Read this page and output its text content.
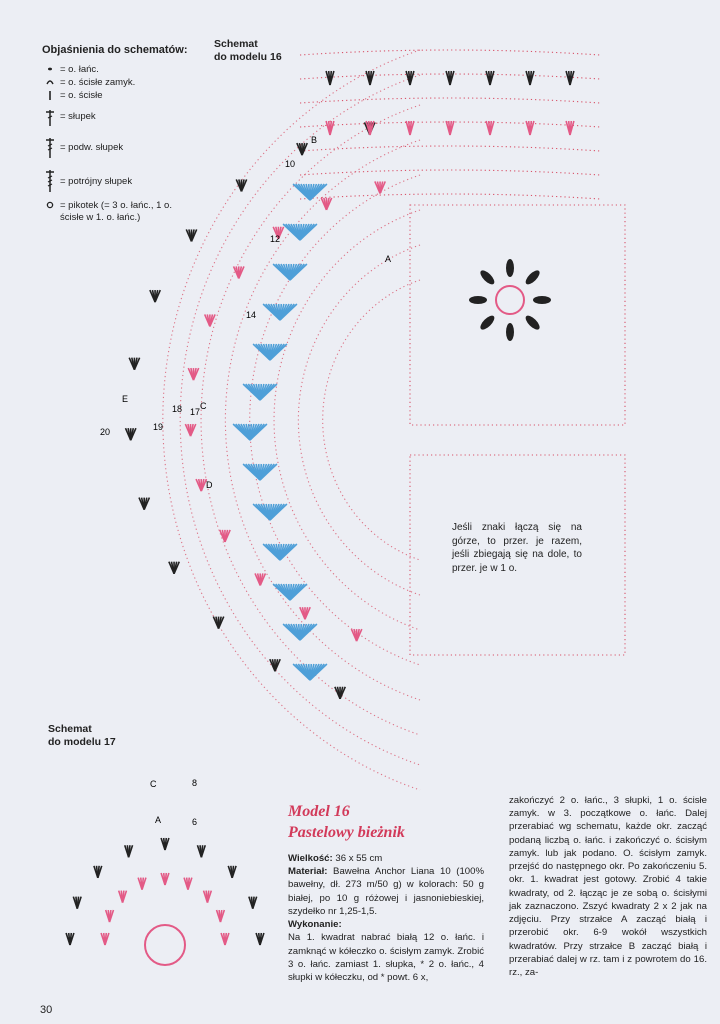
C
E
A
B
D
A
C
17
18
19
20
14
12
10
8
6
Objaśnienia do schematów:
= o. łańc.
= o. ścisłe zamyk.
= o. ścisłe
= słupek
= podw. słupek
= potrójny słupek
= pikotek (= 3 o. łańc., 1 o. ścisłe w 1. o. łańc.)
Schemat
do modelu 16
Schemat
do modelu 17
Jeśli znaki łączą się na górze, to przer. je razem, jeśli zbiegają się na dole, to przer. je w 1 o.
Model 16
Pastelowy bieżnik

Wielkość: 36 x 55 cm

Materiał: Bawełna Anchor Liana 10 (100% bawełny, dł. 273 m/50 g) w kolorach: 50 g białej, po 10 g różowej i jasnoniebieskiej, szydełko nr 1,25-1,5.

Wykonanie:

Na 1. kwadrat nabrać białą 12 o. łańc. i zamknąć w kółeczko o. ścisłym zamyk. Zrobić 3 o. łańc. zamiast 1. słupka, * 2 o. łańc., 4 słupki w kółeczku, od * powt. 6 x,

zakończyć 2 o. łańc., 3 słupki, 1 o. ścisłe zamyk. w 3. początkowe o. łańc. Dalej przerabiać wg schematu, każde okr. zacząć podaną liczbą o. łańc. i zakończyć o. ścisłym zamyk. lub jak podano. O. ścisłym zamyk. przejść do następnego okr. Po zakończeniu 5. okr. 1. kwadrat jest gotowy. Zrobić 4 takie kwadraty, od 2. łącząc je ze sobą o. ścisłymi jak zaznaczono. Zszyć kwadraty 2 x 2 jak na zdjęciu. Przy strzałce A zacząć białą i przerobić okr. 6-9 wokół wszystkich kwadratów. Przy strzałce B zacząć białą i przerabiać dalej w rz. tam i z powrotem do 16. rz., za-

30
